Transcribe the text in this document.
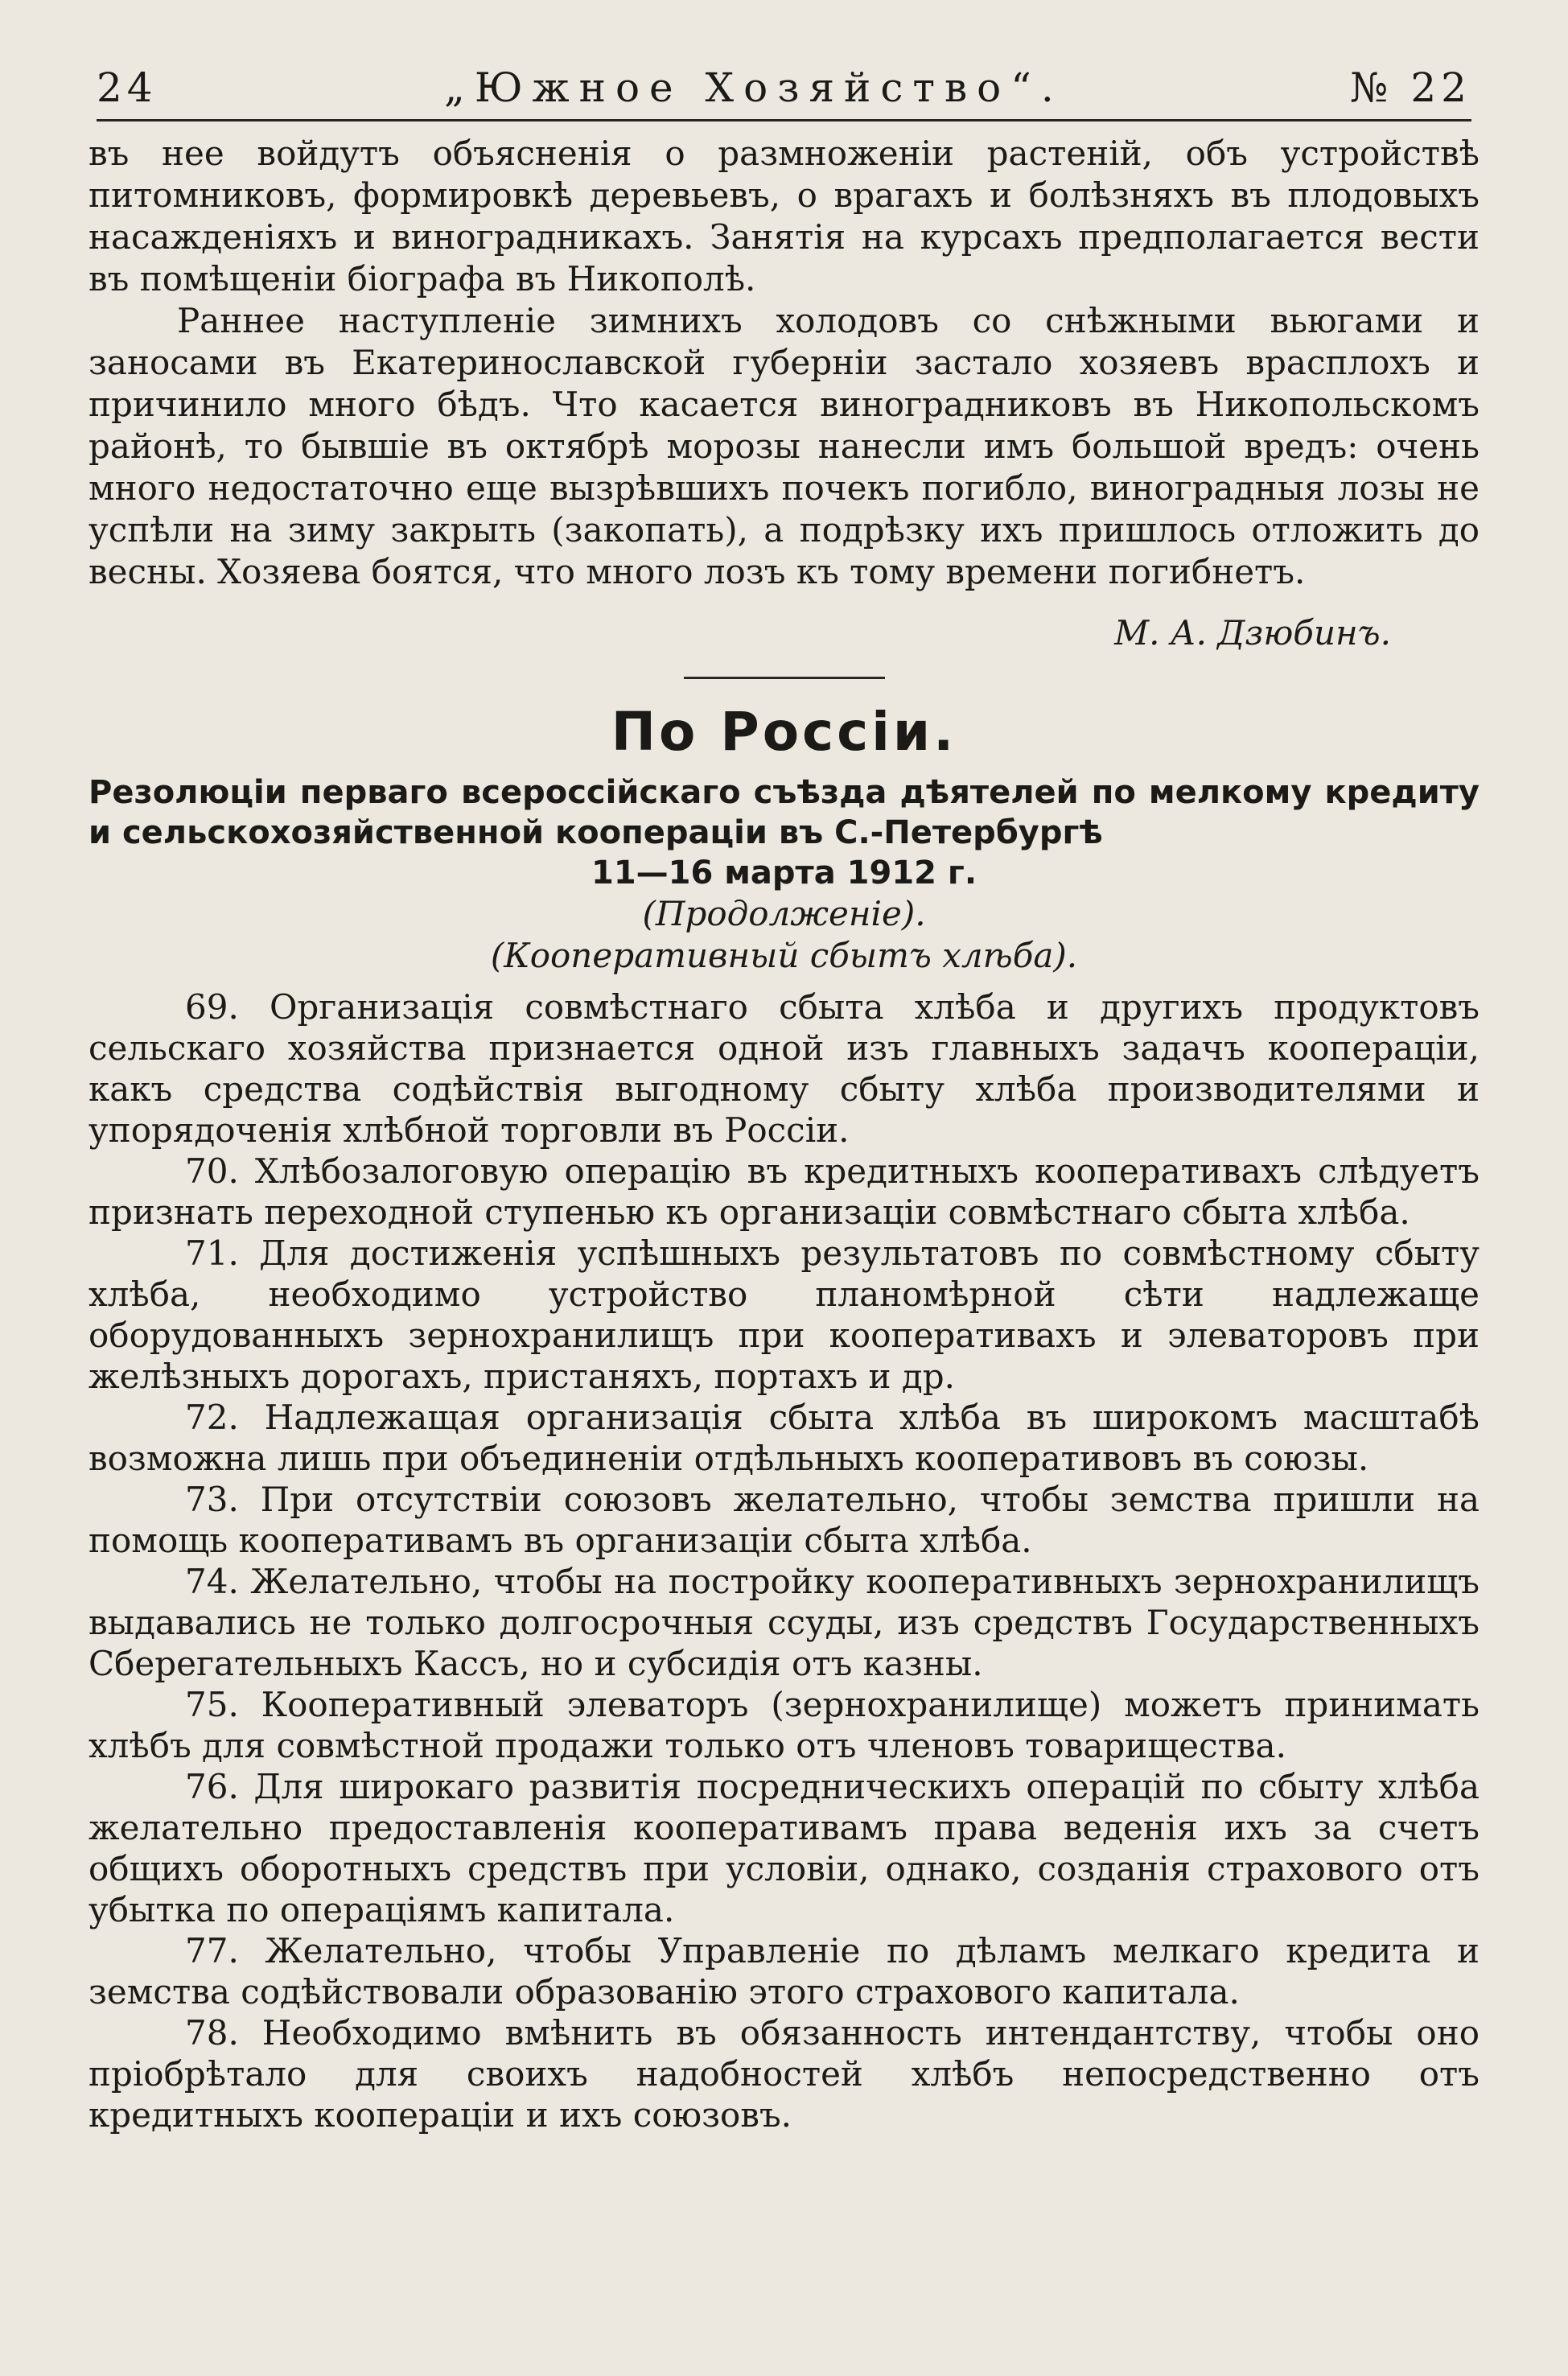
24	„Южное Хозяйство“.	№ 22

въ нее войдутъ объясненія о размноженіи растеній, объ устройствѣ питомниковъ, формировкѣ деревьевъ, о врагахъ и болѣзняхъ въ плодовыхъ насажденіяхъ и виноградникахъ. Занятія на курсахъ предполагается вести въ помѣщеніи біографа въ Никополѣ.

Раннее наступленіе зимнихъ холодовъ со снѣжными вьюгами и заносами въ Екатеринославской губерніи застало хозяевъ врасплохъ и причинило много бѣдъ. Что касается виноградниковъ въ Никопольскомъ районѣ, то бывшіе въ октябрѣ морозы нанесли имъ большой вредъ: очень много недостаточно еще вызрѣвшихъ почекъ погибло, виноградныя лозы не успѣли на зиму закрыть (закопать), а подрѣзку ихъ пришлось отложить до весны. Хозяева боятся, что много лозъ къ тому времени погибнетъ.

М. А. Дзюбинъ.
По Россіи.
Резолюціи перваго всероссійскаго съѣзда дѣятелей по мелкому кредиту и сельскохозяйственной коопераціи въ С.-Петербургѣ
11—16 марта 1912 г.
(Продолженіе).
(Кооперативный сбытъ хлѣба).

69. Организація совмѣстнаго сбыта хлѣба и другихъ продуктовъ сельскаго хозяйства признается одной изъ главныхъ задачъ коопераціи, какъ средства содѣйствія выгодному сбыту хлѣба производителями и упорядоченія хлѣбной торговли въ Россіи.

70. Хлѣбозалоговую операцію въ кредитныхъ кооперативахъ слѣдуетъ признать переходной ступенью къ организаціи совмѣстнаго сбыта хлѣба.

71. Для достиженія успѣшныхъ результатовъ по совмѣстному сбыту хлѣба, необходимо устройство планомѣрной сѣти надлежаще оборудованныхъ зернохранилищъ при кооперативахъ и элеваторовъ при желѣзныхъ дорогахъ, пристаняхъ, портахъ и др.

72. Надлежащая организація сбыта хлѣба въ широкомъ масштабѣ возможна лишь при объединеніи отдѣльныхъ кооперативовъ въ союзы.

73. При отсутствіи союзовъ желательно, чтобы земства пришли на помощь кооперативамъ въ организаціи сбыта хлѣба.

74. Желательно, чтобы на постройку кооперативныхъ зернохранилищъ выдавались не только долгосрочныя ссуды, изъ средствъ Государственныхъ Сберегательныхъ Кассъ, но и субсидія отъ казны.

75. Кооперативный элеваторъ (зернохранилище) можетъ принимать хлѣбъ для совмѣстной продажи только отъ членовъ товарищества.

76. Для широкаго развитія посредническихъ операцій по сбыту хлѣба желательно предоставленія кооперативамъ права веденія ихъ за счетъ общихъ оборотныхъ средствъ при условіи, однако, созданія страхового отъ убытка по операціямъ капитала.

77. Желательно, чтобы Управленіе по дѣламъ мелкаго кредита и земства содѣйствовали образованію этого страхового капитала.

78. Необходимо вмѣнить въ обязанность интендантству, чтобы оно пріобрѣтало для своихъ надобностей хлѣбъ непосредственно отъ кредитныхъ коопераціи и ихъ союзовъ.
